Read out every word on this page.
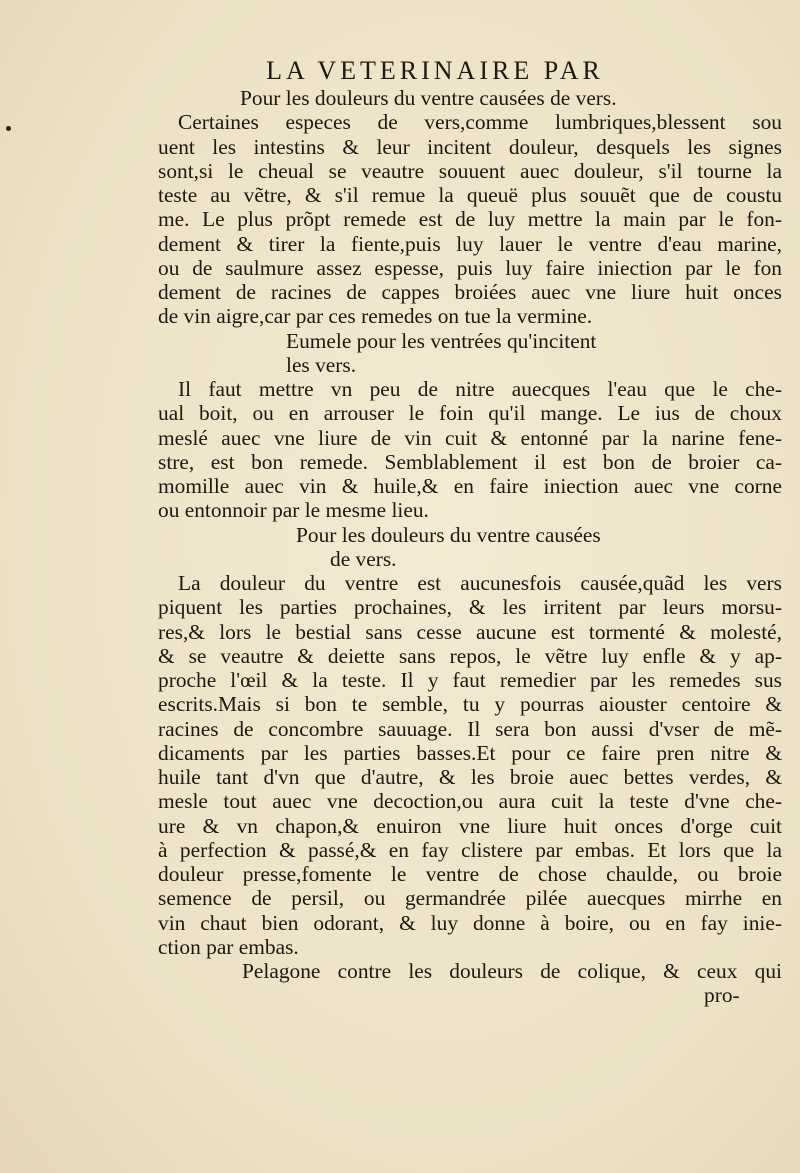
LA VETERINAIRE PAR
Pour les douleurs du ventre causées de vers.
Certaines especes de vers,comme lumbriques,blessent sou
uent les intestins & leur incitent douleur, desquels les signes
sont,si le cheual se veautre souuent auec douleur, s'il tourne la
teste au vẽtre, & s'il remue la queuë plus souuẽt que de coustu
me. Le plus prõpt remede est de luy mettre la main par le fon-
dement & tirer la fiente,puis luy lauer le ventre d'eau marine,
ou de saulmure assez espesse, puis luy faire iniection par le fon
dement de racines de cappes broiées auec vne liure huit onces
de vin aigre,car par ces remedes on tue la vermine.
Eumele pour les ventrées qu'incitent
les vers.
Il faut mettre vn peu de nitre auecques l'eau que le che-
ual boit, ou en arrouser le foin qu'il mange. Le ius de choux
meslé auec vne liure de vin cuit & entonné par la narine fene-
stre, est bon remede. Semblablement il est bon de broier ca-
momille auec vin & huile,& en faire iniection auec vne corne
ou entonnoir par le mesme lieu.
Pour les douleurs du ventre causées
de vers.
La douleur du ventre est aucunesfois causée,quãd les vers
piquent les parties prochaines, & les irritent par leurs morsu-
res,& lors le bestial sans cesse aucune est tormenté & molesté,
& se veautre & deiette sans repos, le vẽtre luy enfle & y ap-
proche l'œil & la teste. Il y faut remedier par les remedes sus
escrits.Mais si bon te semble, tu y pourras aiouster centoire &
racines de concombre sauuage. Il sera bon aussi d'vser de mẽ-
dicaments par les parties basses.Et pour ce faire pren nitre &
huile tant d'vn que d'autre, & les broie auec bettes verdes, &
mesle tout auec vne decoction,ou aura cuit la teste d'vne che-
ure & vn chapon,& enuiron vne liure huit onces d'orge cuit
à perfection & passé,& en fay clistere par embas. Et lors que la
douleur presse,fomente le ventre de chose chaulde, ou broie
semence de persil, ou germandrée pilée auecques mirrhe en
vin chaut bien odorant, & luy donne à boire, ou en fay inie-
ction par embas.
Pelagone contre les douleurs de colique, & ceux qui
pro-
